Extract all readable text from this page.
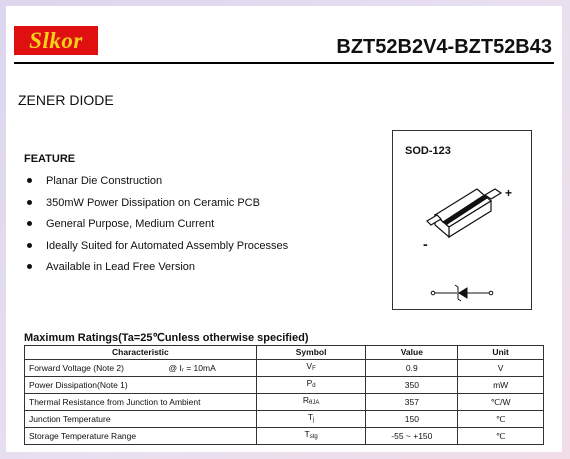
Slkor	BZT52B2V4-BZT52B43
ZENER DIODE
FEATURE
Planar Die Construction
350mW Power Dissipation on Ceramic PCB
General Purpose, Medium Current
Ideally Suited for Automated Assembly Processes
Available in Lead Free Version
SOD-123
+
-
Maximum Ratings(Ta=25℃unless otherwise specified)
Characteristic	Symbol	Value	Unit
Forward Voltage (Note 2) @ Iᵣ = 10mA	$V_F$	0.9	V
Power Dissipation(Note 1)	$P_d$	350	mW
Thermal Resistance from Junction to Ambient	$R_{\theta JA}$	357	℃/W
Junction Temperature	$T_j$	150	℃
Storage Temperature Range	$T_{stg}$	-55 ~ +150	℃
